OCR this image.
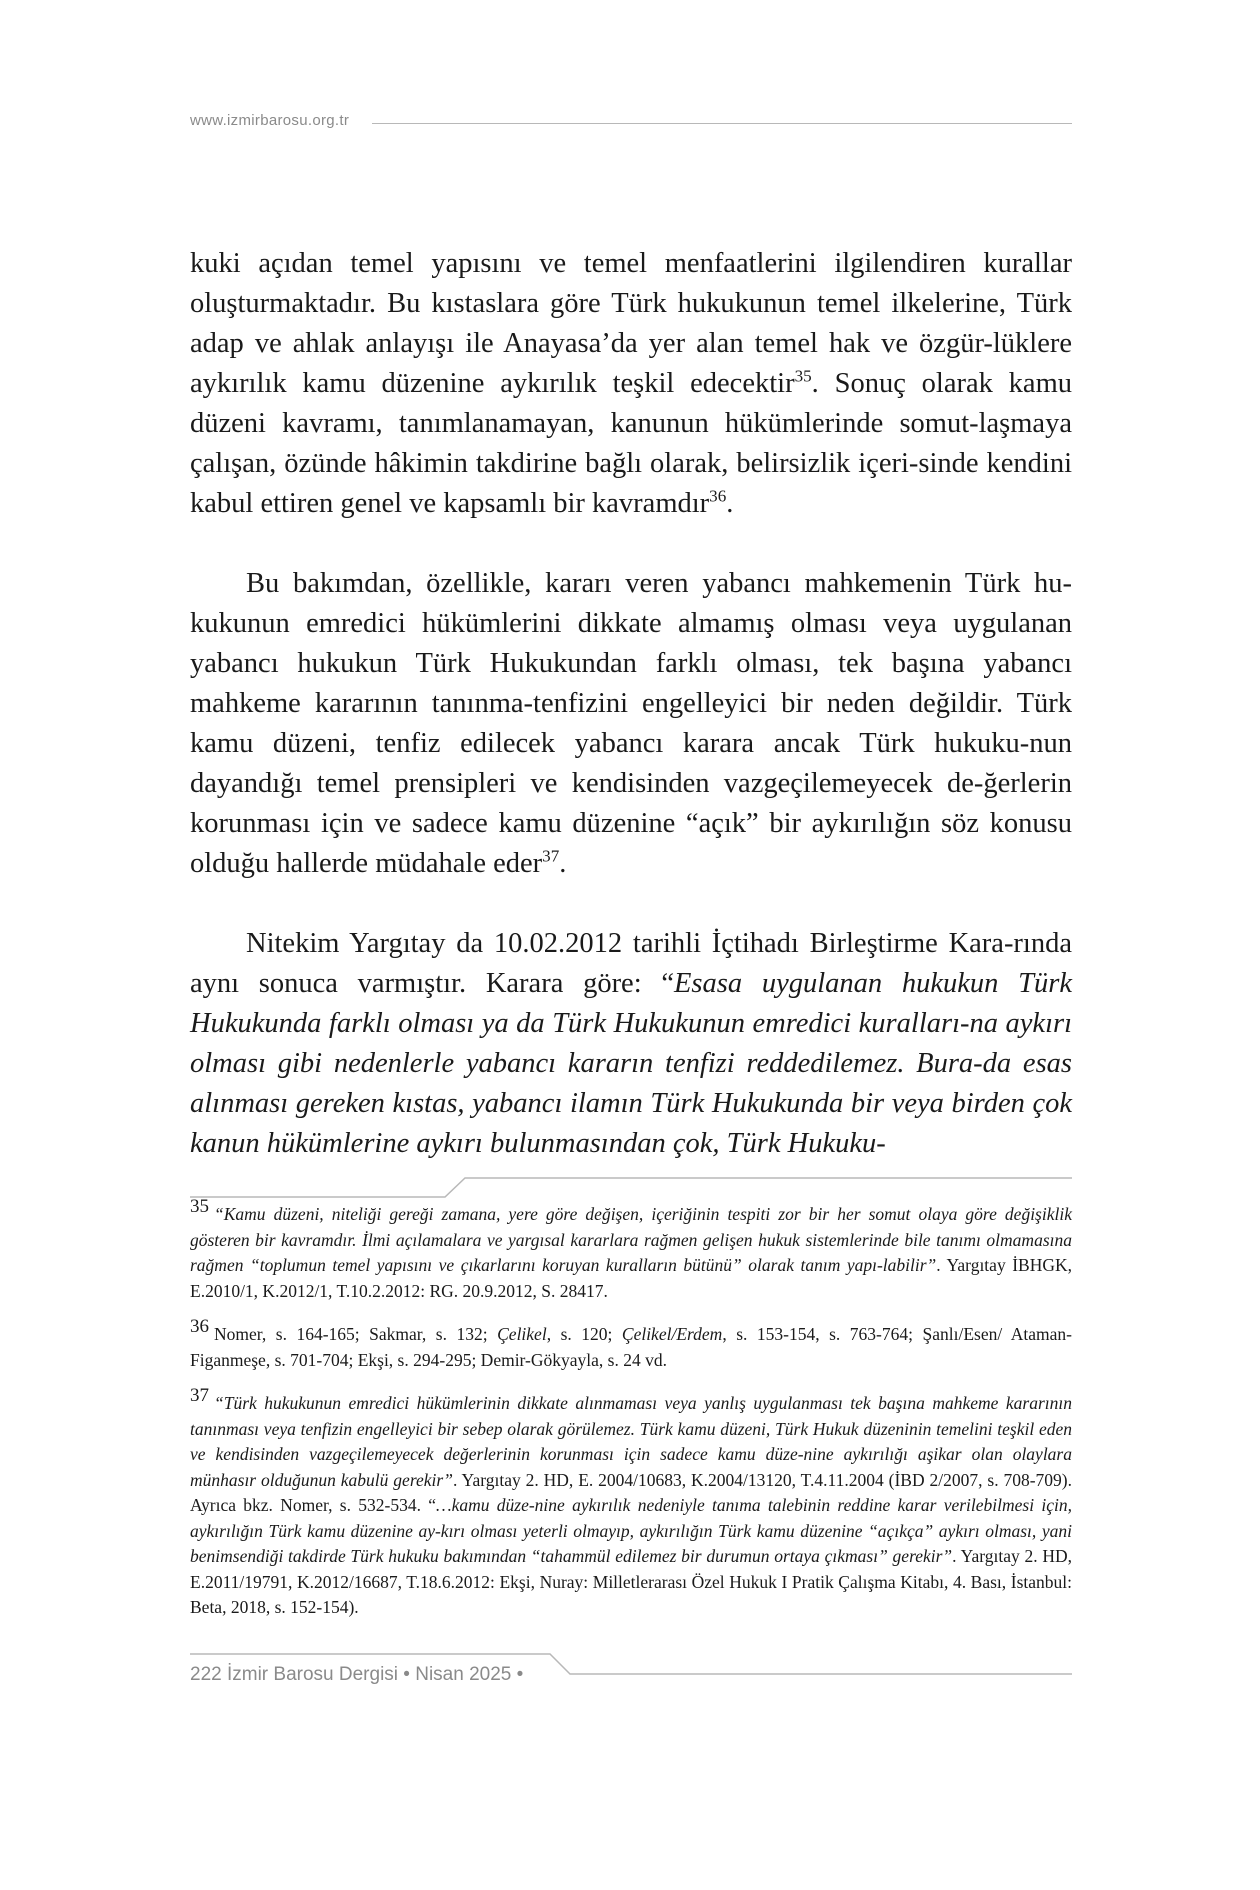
www.izmirbarosu.org.tr

kuki açıdan temel yapısını ve temel menfaatlerini ilgilendiren kurallar oluşturmaktadır. Bu kıstaslara göre Türk hukukunun temel ilkelerine, Türk adap ve ahlak anlayışı ile Anayasa’da yer alan temel hak ve özgür-lüklere aykırılık kamu düzenine aykırılık teşkil edecektir$^{35}$. Sonuç olarak kamu düzeni kavramı, tanımlanamayan, kanunun hükümlerinde somut-laşmaya çalışan, özünde hâkimin takdirine bağlı olarak, belirsizlik içeri-sinde kendini kabul ettiren genel ve kapsamlı bir kavramdır$^{36}$.

Bu bakımdan, özellikle, kararı veren yabancı mahkemenin Türk hu-kukunun emredici hükümlerini dikkate almamış olması veya uygulanan yabancı hukukun Türk Hukukundan farklı olması, tek başına yabancı mahkeme kararının tanınma-tenfizini engelleyici bir neden değildir. Türk kamu düzeni, tenfiz edilecek yabancı karara ancak Türk hukuku-nun dayandığı temel prensipleri ve kendisinden vazgeçilemeyecek de-ğerlerin korunması için ve sadece kamu düzenine “açık” bir aykırılığın söz konusu olduğu hallerde müdahale eder$^{37}$.

Nitekim Yargıtay da 10.02.2012 tarihli İçtihadı Birleştirme Kara-rında aynı sonuca varmıştır. Karara göre: “Esasa uygulanan hukukun Türk Hukukunda farklı olması ya da Türk Hukukunun emredici kuralları-na aykırı olması gibi nedenlerle yabancı kararın tenfizi reddedilemez. Bura-da esas alınması gereken kıstas, yabancı ilamın Türk Hukukunda bir veya birden çok kanun hükümlerine aykırı bulunmasından çok, Türk Hukuku-

35 “Kamu düzeni, niteliği gereği zamana, yere göre değişen, içeriğinin tespiti zor bir her somut olaya göre değişiklik gösteren bir kavramdır. İlmi açılamalara ve yargısal kararlara rağmen gelişen hukuk sistemlerinde bile tanımı olmamasına rağmen “toplumun temel yapısını ve çıkarlarını koruyan kuralların bütünü” olarak tanım yapı-labilir”. Yargıtay İBHGK, E.2010/1, K.2012/1, T.10.2.2012: RG. 20.9.2012, S. 28417.
36 Nomer, s. 164-165; Sakmar, s. 132; Çelikel, s. 120; Çelikel/Erdem, s. 153-154, s. 763-764; Şanlı/Esen/ Ataman-Figanmeşe, s. 701-704; Ekşi, s. 294-295; Demir-Gökyayla, s. 24 vd.
37 “Türk hukukunun emredici hükümlerinin dikkate alınmaması veya yanlış uygulanması tek başına mahkeme kararının tanınması veya tenfizin engelleyici bir sebep olarak görülemez. Türk kamu düzeni, Türk Hukuk düzeninin temelini teşkil eden ve kendisinden vazgeçilemeyecek değerlerinin korunması için sadece kamu düze-nine aykırılığı aşikar olan olaylara münhasır olduğunun kabulü gerekir”. Yargıtay 2. HD, E. 2004/10683, K.2004/13120, T.4.11.2004 (İBD 2/2007, s. 708-709). Ayrıca bkz. Nomer, s. 532-534. “…kamu düze-nine aykırılık nedeniyle tanıma talebinin reddine karar verilebilmesi için, aykırılığın Türk kamu düzenine ay-kırı olması yeterli olmayıp, aykırılığın Türk kamu düzenine “açıkça” aykırı olması, yani benimsendiği takdirde Türk hukuku bakımından “tahammül edilemez bir durumun ortaya çıkması” gerekir”. Yargıtay 2. HD, E.2011/19791, K.2012/16687, T.18.6.2012: Ekşi, Nuray: Milletlerarası Özel Hukuk I Pratik Çalışma Kitabı, 4. Bası, İstanbul: Beta, 2018, s. 152-154).
222 İzmir Barosu Dergisi • Nisan 2025 •
